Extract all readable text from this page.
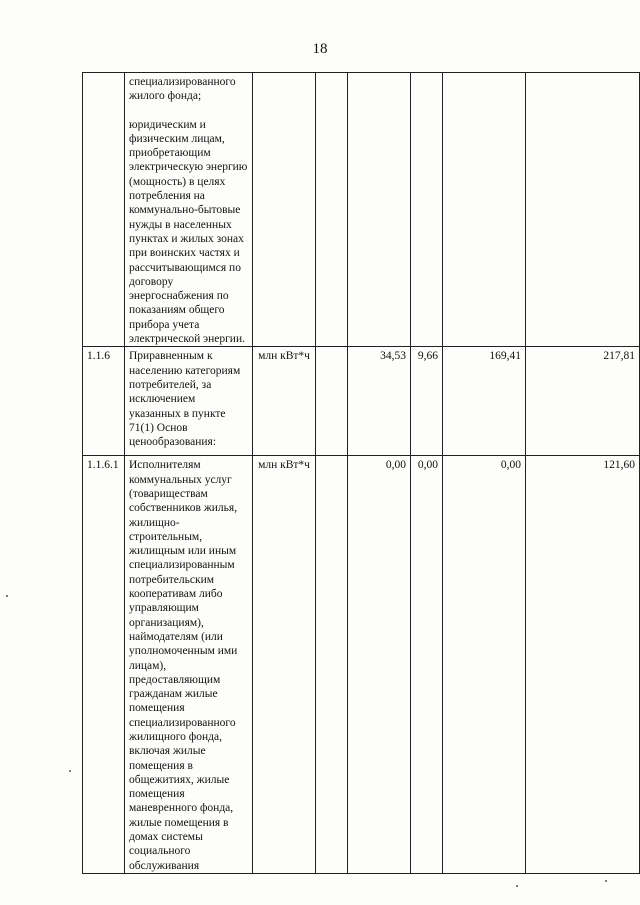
18

	специализированного жилого фонда;

юридическим и физическим лицам, приобретающим электрическую энергию (мощность) в целях потребления на коммунально-бытовые нужды в населенных пунктах и жилых зонах при воинских частях и рассчитывающимся по договору энергоснабжения по показаниям общего прибора учета электрической энергии.						

1.1.6	Приравненным к населению категориям потребителей, за исключением указанных в пункте 71(1) Основ ценообразования:	млн кВт*ч		34,53	9,66	169,41	217,81
1.1.6.1	Исполнителям коммунальных услуг (товариществам собственников жилья, жилищно-строительным, жилищным или иным специализированным потребительским кооперативам либо управляющим организациям), наймодателям (или уполномоченным ими лицам), предоставляющим гражданам жилые помещения специализированного жилищного фонда, включая жилые помещения в общежитиях, жилые помещения маневренного фонда, жилые помещения в домах системы социального обслуживания	млн кВт*ч		0,00	0,00	0,00	121,60
